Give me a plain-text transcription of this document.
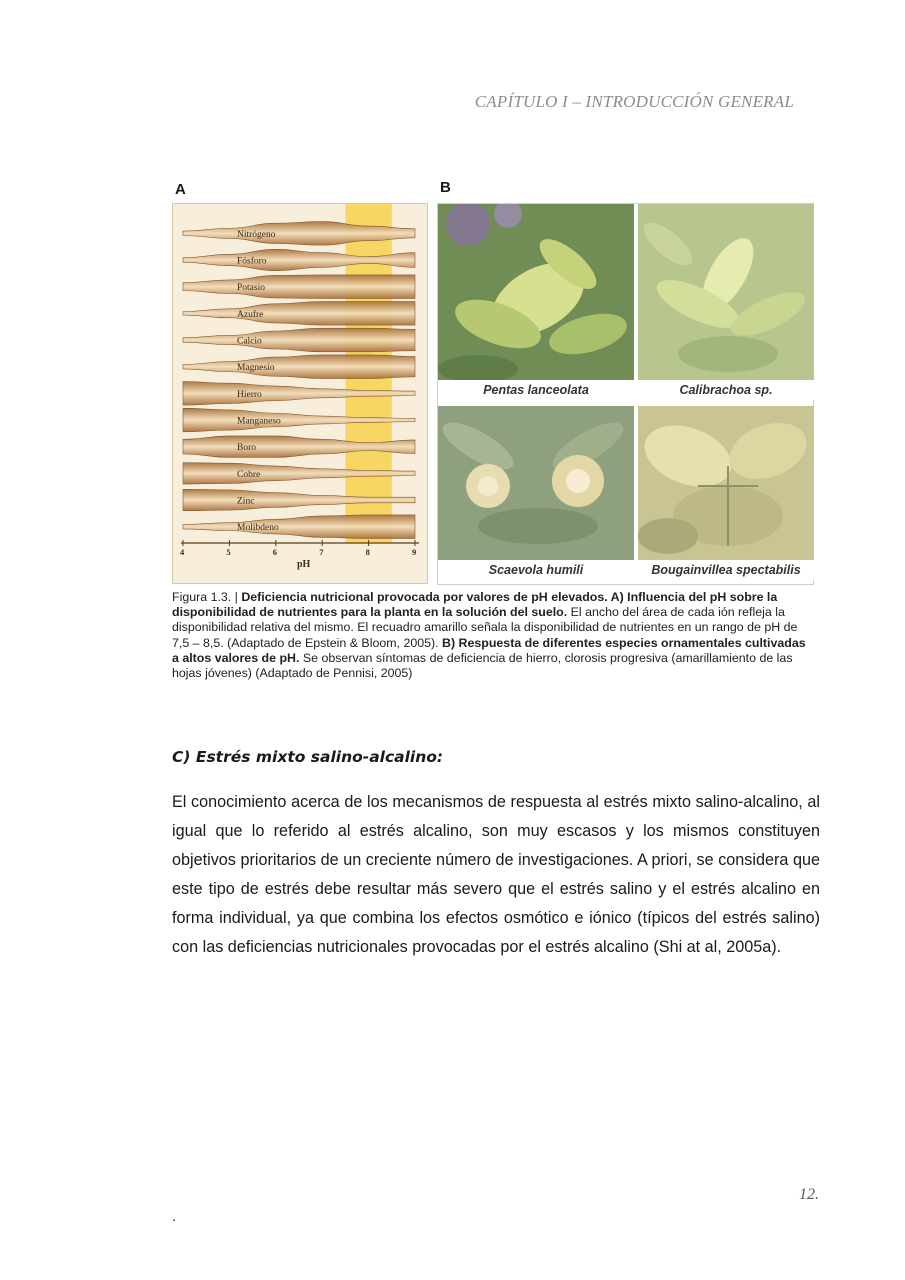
CAPÍTULO I – INTRODUCCIÓN GENERAL
A	B
Nitrógeno
Fósforo
Potasio
Azufre
Calcio
Magnesio
Hierro
Manganeso
Boro
Cobre
Zinc
Molibdeno
4	5	6	7	8	9
pH
Pentas lanceolata	Calibrachoa sp.
Scaevola humili	Bougainvillea spectabilis
Figura 1.3. | Deficiencia nutricional provocada por valores de pH elevados. A) Influencia del pH sobre la disponibilidad de nutrientes para la planta en la solución del suelo. El ancho del área de cada ión refleja la disponibilidad relativa del mismo. El recuadro amarillo señala la disponibilidad de nutrientes en un rango de pH de 7,5 – 8,5. (Adaptado de Epstein & Bloom, 2005). B) Respuesta de diferentes especies ornamentales cultivadas a altos valores de pH. Se observan síntomas de deficiencia de hierro, clorosis progresiva (amarillamiento de las hojas jóvenes) (Adaptado de Pennisi, 2005)
C) Estrés mixto salino-alcalino:
El conocimiento acerca de los mecanismos de respuesta al estrés mixto salino-alcalino, al igual que lo referido al estrés alcalino, son muy escasos y los mismos constituyen objetivos prioritarios de un creciente número de investigaciones. A priori, se considera que este tipo de estrés debe resultar más severo que el estrés salino y el estrés alcalino en forma individual, ya que combina los efectos osmótico e iónico (típicos del estrés salino) con las deficiencias nutricionales provocadas por el estrés alcalino (Shi at al, 2005a).
12.
.
